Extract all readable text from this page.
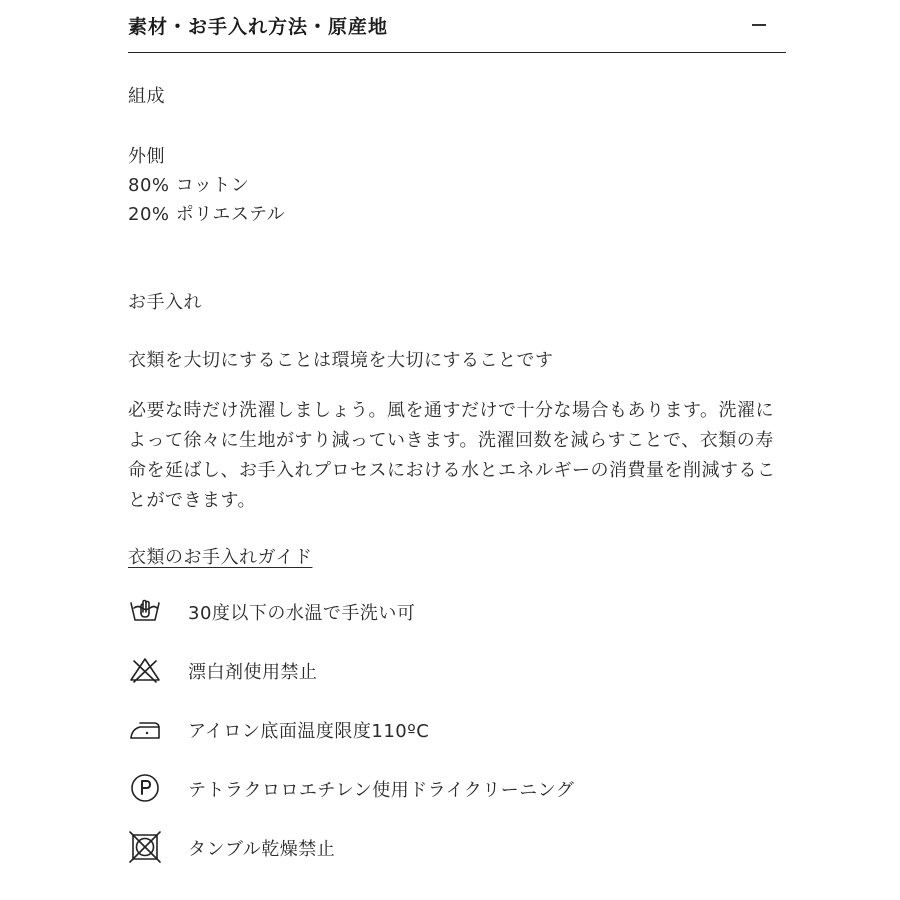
素材・お手入れ方法・原産地
組成
外側
80% コットン
20% ポリエステル
お手入れ
衣類を大切にすることは環境を大切にすることです
必要な時だけ洗濯しましょう。風を通すだけで十分な場合もあります。洗濯によって徐々に生地がすり減っていきます。洗濯回数を減らすことで、衣類の寿命を延ばし、お手入れプロセスにおける水とエネルギーの消費量を削減することができます。
衣類のお手入れガイド
30度以下の水温で手洗い可
漂白剤使用禁止
アイロン底面温度限度110ºC
テトラクロロエチレン使用ドライクリーニング
タンブル乾燥禁止
